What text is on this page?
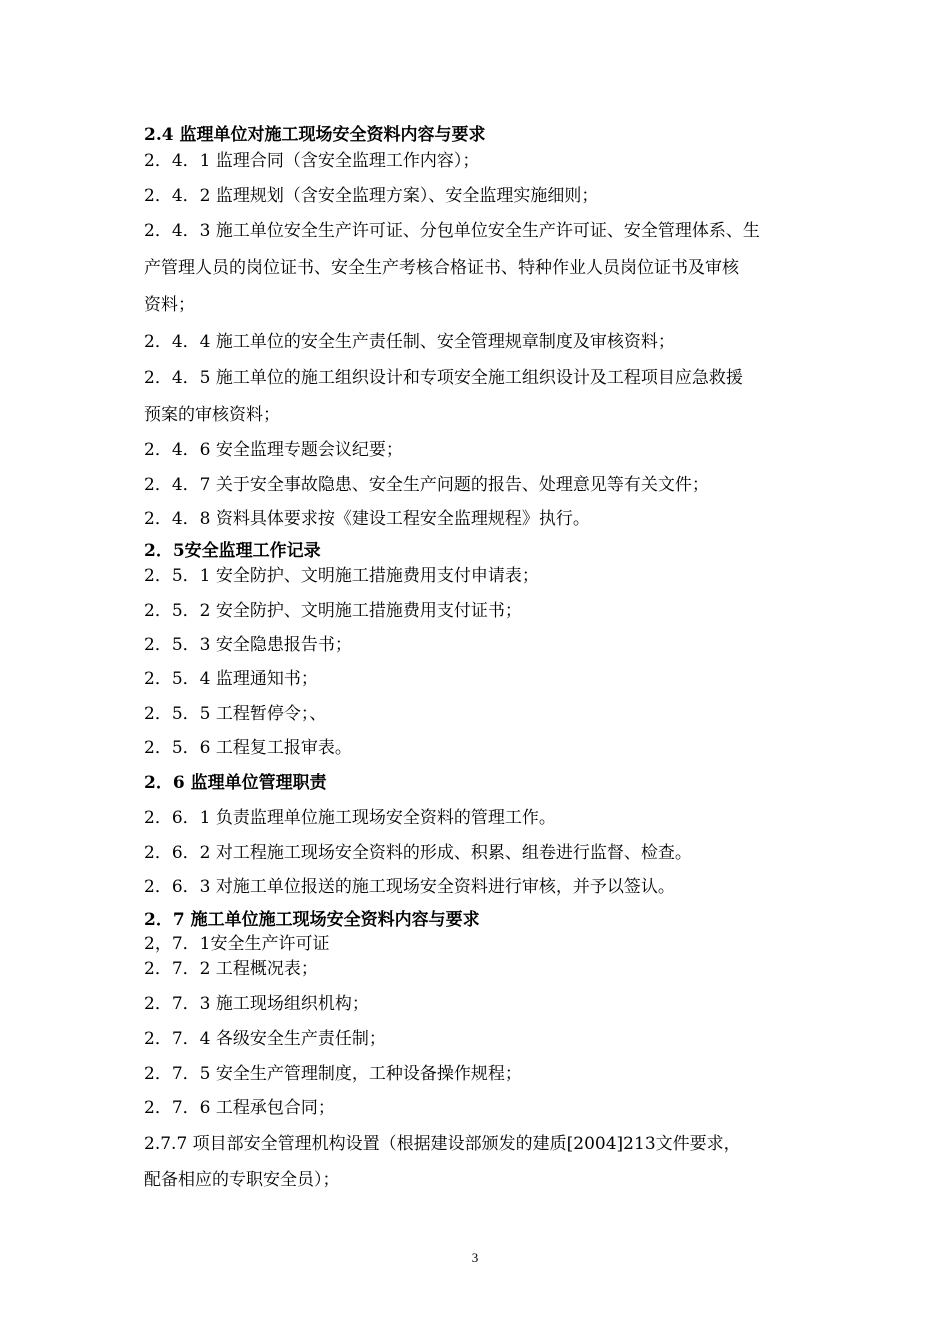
2.4 监理单位对施工现场安全资料内容与要求
2．4．1 监理合同（含安全监理工作内容）；
2．4．2 监理规划（含安全监理方案）、安全监理实施细则；
2．4．3 施工单位安全生产许可证、分包单位安全生产许可证、安全管理体系、生
产管理人员的岗位证书、安全生产考核合格证书、特种作业人员岗位证书及审核
资料；
2．4．4 施工单位的安全生产责任制、安全管理规章制度及审核资料；
2．4．5 施工单位的施工组织设计和专项安全施工组织设计及工程项目应急救援
预案的审核资料；
2．4．6 安全监理专题会议纪要；
2．4．7 关于安全事故隐患、安全生产问题的报告、处理意见等有关文件；
2．4．8 资料具体要求按《建设工程安全监理规程》执行。
2．5安全监理工作记录
2．5．1 安全防护、文明施工措施费用支付申请表；
2．5．2 安全防护、文明施工措施费用支付证书；
2．5．3 安全隐患报告书；
2．5．4 监理通知书；
2．5．5 工程暂停令；、
2．5．6 工程复工报审表。
2．6 监理单位管理职责
2．6．1 负责监理单位施工现场安全资料的管理工作。
2．6．2 对工程施工现场安全资料的形成、积累、组卷进行监督、检查。
2．6．3 对施工单位报送的施工现场安全资料进行审核，并予以签认。
2．7 施工单位施工现场安全资料内容与要求
2，7．1安全生产许可证
2．7．2 工程概况表；
2．7．3 施工现场组织机构；
2．7．4 各级安全生产责任制；
2．7．5 安全生产管理制度，工种设备操作规程；
2．7．6 工程承包合同；
2.7.7 项目部安全管理机构设置（根据建设部颁发的建质[2004]213文件要求，
配备相应的专职安全员）；
3
